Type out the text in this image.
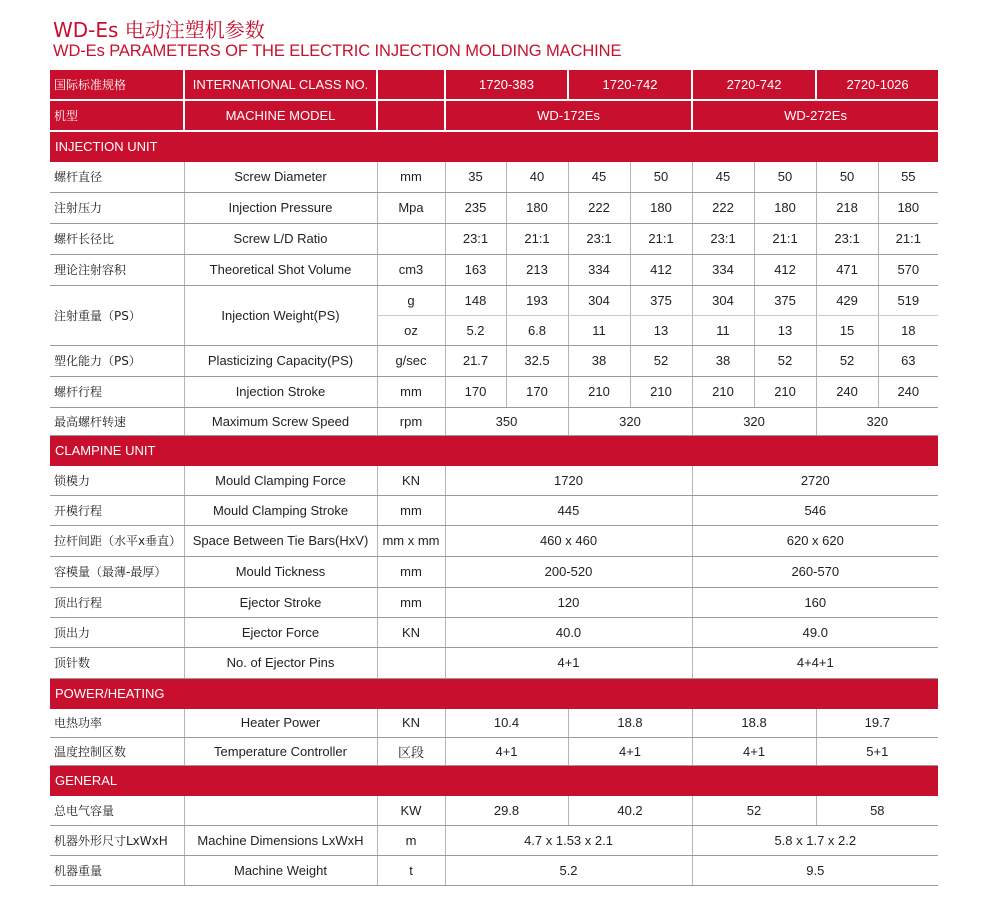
WD-Es 电动注塑机参数
WD-Es PARAMETERS OF THE ELECTRIC INJECTION MOLDING MACHINE
国际标准规格	INTERNATIONAL CLASS NO.		1720-383		1720-742		2720-742		2720-1026	
机型	MACHINE MODEL		WD-172Es				WD-272Es			
INJECTION UNIT										
螺杆直径	Screw Diameter	mm	35	40	45	50	45	50	50	55
注射压力	Injection Pressure	Mpa	235	180	222	180	222	180	218	180
螺杆长径比	Screw L/D Ratio		23:1	21:1	23:1	21:1	23:1	21:1	23:1	21:1
理论注射容积	Theoretical Shot Volume	cm3	163	213	334	412	334	412	471	570
注射重量（PS）	Injection Weight(PS)	g	148	193	304	375	304	375	429	519
		oz	5.2	6.8	11	13	11	13	15	18
塑化能力（PS）	Plasticizing Capacity(PS)	g/sec	21.7	32.5	38	52	38	52	52	63
螺杆行程	Injection Stroke	mm	170	170	210	210	210	210	240	240
最高螺杆转速	Maximum Screw Speed	rpm	350		320		320		320	
CLAMPINE UNIT										
锁模力	Mould Clamping Force	KN	1720				2720			
开模行程	Mould Clamping Stroke	mm	445				546			
拉杆间距（水平x垂直）	Space Between Tie Bars(HxV)	mm x mm	460 x 460				620 x 620			
容模量（最薄-最厚）	Mould Tickness	mm	200-520				260-570			
顶出行程	Ejector Stroke	mm	120				160			
顶出力	Ejector Force	KN	40.0				49.0			
顶针数	No. of Ejector Pins		4+1				4+4+1			
POWER/HEATING										
电热功率	Heater Power	KN	10.4		18.8		18.8		19.7	
温度控制区数	Temperature Controller	区段	4+1		4+1		4+1		5+1	
GENERAL										
总电气容量		KW	29.8		40.2		52		58	
机器外形尺寸LxWxH	Machine Dimensions LxWxH	m	4.7 x 1.53 x 2.1				5.8 x 1.7 x 2.2			
机器重量	Machine Weight	t	5.2				9.5			
